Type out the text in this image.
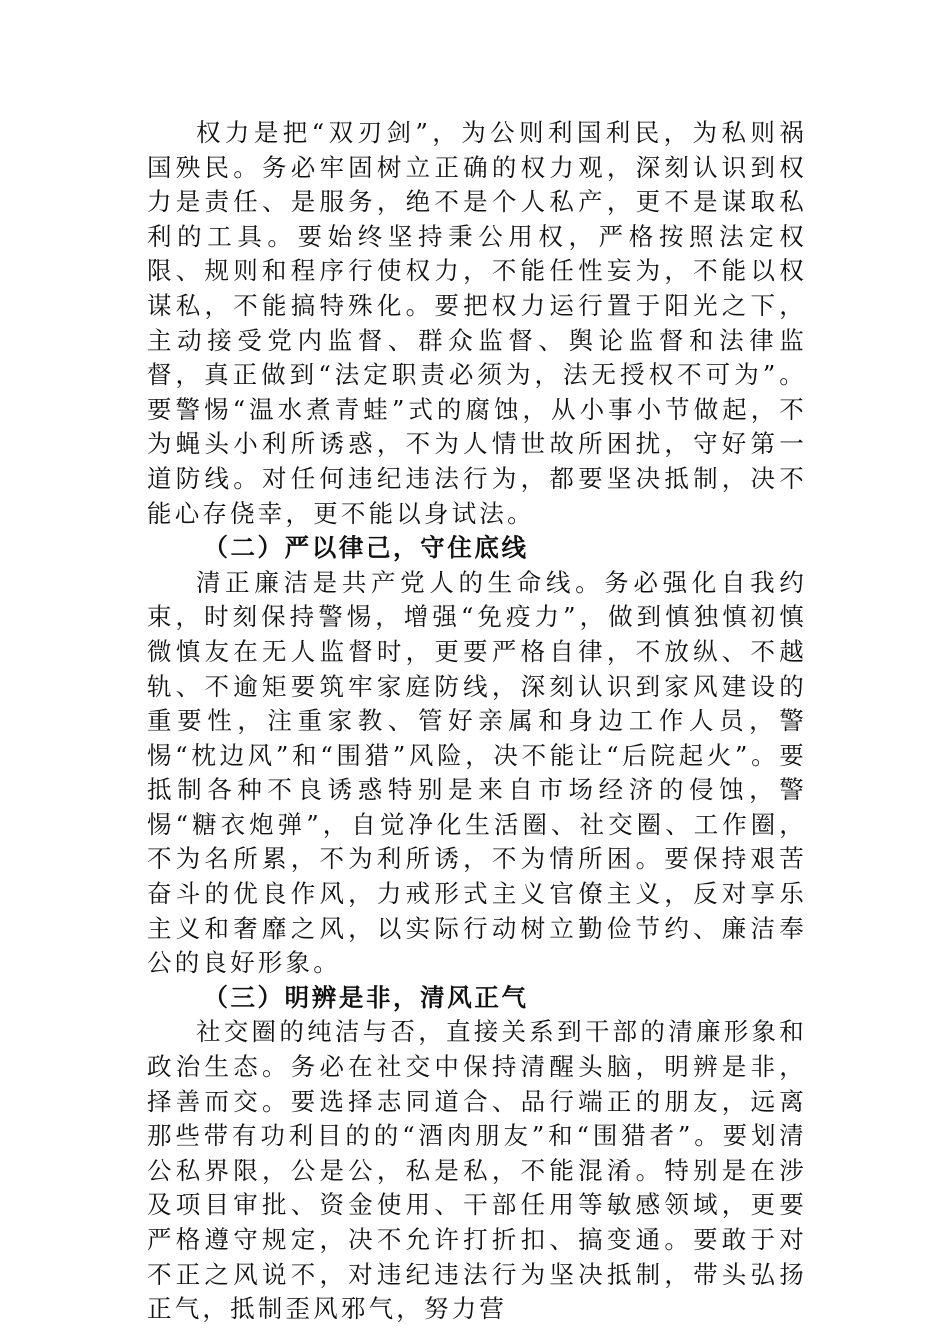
权力是把“双刃剑”，为公则利国利民，为私则祸国殃民。务必牢固树立正确的权力观，深刻认识到权力是责任、是服务，绝不是个人私产，更不是谋取私利的工具。要始终坚持秉公用权，严格按照法定权限、规则和程序行使权力，不能任性妄为，不能以权谋私，不能搞特殊化。要把权力运行置于阳光之下，主动接受党内监督、群众监督、舆论监督和法律监督，真正做到“法定职责必须为，法无授权不可为”。要警惕“温水煮青蛙”式的腐蚀，从小事小节做起，不为蝇头小利所诱惑，不为人情世故所困扰，守好第一道防线。对任何违纪违法行为，都要坚决抵制，决不能心存侥幸，更不能以身试法。

（二）严以律己，守住底线

清正廉洁是共产党人的生命线。务必强化自我约束，时刻保持警惕，增强“免疫力”，做到慎独慎初慎微慎友在无人监督时，更要严格自律，不放纵、不越轨、不逾矩要筑牢家庭防线，深刻认识到家风建设的重要性，注重家教、管好亲属和身边工作人员，警惕“枕边风”和“围猎”风险，决不能让“后院起火”。要抵制各种不良诱惑特别是来自市场经济的侵蚀，警惕“糖衣炮弹”，自觉净化生活圈、社交圈、工作圈，不为名所累，不为利所诱，不为情所困。要保持艰苦奋斗的优良作风，力戒形式主义官僚主义，反对享乐主义和奢靡之风，以实际行动树立勤俭节约、廉洁奉公的良好形象。

（三）明辨是非，清风正气

社交圈的纯洁与否，直接关系到干部的清廉形象和政治生态。务必在社交中保持清醒头脑，明辨是非，择善而交。要选择志同道合、品行端正的朋友，远离那些带有功利目的的“酒肉朋友”和“围猎者”。要划清公私界限，公是公，私是私，不能混淆。特别是在涉及项目审批、资金使用、干部任用等敏感领域，更要严格遵守规定，决不允许打折扣、搞变通。要敢于对不正之风说不，对违纪违法行为坚决抵制，带头弘扬正气，抵制歪风邪气，努力营
